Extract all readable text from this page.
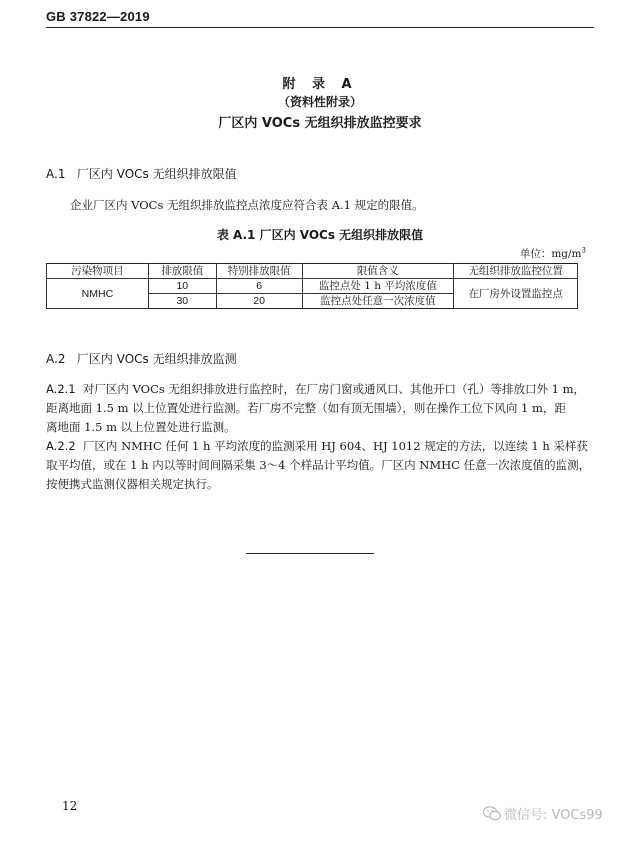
GB 37822—2019
附 录 A
（资料性附录）
厂区内 VOCs 无组织排放监控要求
A.1 厂区内 VOCs 无组织排放限值
企业厂区内 VOCs 无组织排放监控点浓度应符合表 A.1 规定的限值。
表 A.1 厂区内 VOCs 无组织排放限值
单位：$mg/m^3$
污染物项目	排放限值	特别排放限值	限值含义	无组织排放监控位置
NMHC	10	6	监控点处 1 h 平均浓度值	在厂房外设置监控点
	30	20	监控点处任意一次浓度值	
A.2 厂区内 VOCs 无组织排放监测
A.2.1 对厂区内 VOCs 无组织排放进行监控时，在厂房门窗或通风口、其他开口（孔）等排放口外 1 m，
距离地面 1.5 m 以上位置处进行监测。若厂房不完整（如有顶无围墙），则在操作工位下风向 1 m，距
离地面 1.5 m 以上位置处进行监测。
A.2.2 厂区内 NMHC 任何 1 h 平均浓度的监测采用 HJ 604、HJ 1012 规定的方法，以连续 1 h 采样获
取平均值，或在 1 h 内以等时间间隔采集 3～4 个样品计平均值。厂区内 NMHC 任意一次浓度值的监测，
按便携式监测仪器相关规定执行。
12
微信号: VOCs99
